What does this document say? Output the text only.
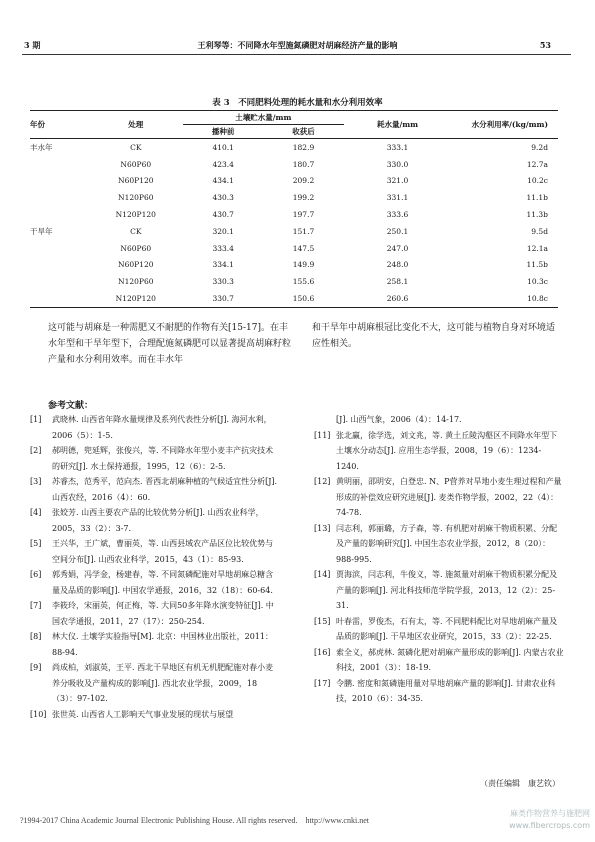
3 期	王利琴等：不同降水年型施氮磷肥对胡麻经济产量的影响	53
表 3　不同肥料处理的耗水量和水分利用效率
年份	处理	土壤贮水量/mm		耗水量/mm	水分利用率/(kg/mm)
		播种前	收获后		
丰水年	CK	410.1	182.9	333.1	9.2d
	N60P60	423.4	180.7	330.0	12.7a
	N60P120	434.1	209.2	321.0	10.2c
	N120P60	430.3	199.2	331.1	11.1b
	N120P120	430.7	197.7	333.6	11.3b
干旱年	CK	320.1	151.7	250.1	9.5d
	N60P60	333.4	147.5	247.0	12.1a
	N60P120	334.1	149.9	248.0	11.5b
	N120P60	330.3	155.6	258.1	10.3c
	N120P120	330.7	150.6	260.6	10.8c
这可能与胡麻是一种需肥又不耐肥的作物有关[15-17]。在丰水年型和干旱年型下，合理配施氮磷肥可以显著提高胡麻籽粒产量和水分利用效率。而在丰水年
和干旱年中胡麻根冠比变化不大，这可能与植物自身对环境适应性相关。
参考文献：
[1]	武晓林. 山西省年降水量规律及系列代表性分析[J]. 海河水利，2006（5）：1-5.
[2]	郝明德，兜延辉，张俊兴，等. 不同降水年型小麦丰产抗灾技术的研究[J]. 水土保持通报，1995，12（6）：2-5.
[3]	苏睿杰，范秀平，范向杰. 晋西北胡麻种植的气候适宜性分析[J]. 山西农经，2016（4）：60.
[4]	张姣芳. 山西主要农产品的比较优势分析[J]. 山西农业科学，2005，33（2）：3-7.
[5]	王兴华，王广斌，曹丽英，等. 山西县域农产品区位比较优势与空间分布[J]. 山西农业科学，2015，43（1）：85-93.
[6]	郭秀娟，冯学金，杨建春，等. 不同氮磷配施对旱地胡麻总糖含量及品质的影响[J]. 中国农学通报，2016，32（18）：60-64.
[7]	李筱玲，宋丽英，何正梅，等. 大同50多年降水演变特征[J]. 中国农学通报，2011，27（17）：250-254.
[8]	林大仪. 土壤学实验指导[M]. 北京：中国林业出版社，2011：88-94.
[9]	尚成柏，刘淑英，王平. 西北干旱地区有机无机肥配施对春小麦养分吸收及产量构成的影响[J]. 西北农业学报，2009，18（3）：97-102.
[10] 张世英. 山西省人工影响天气事业发展的现状与展望
[J]. 山西气象，2006（4）：14-17.
[11] 张北赢，徐学选，刘文兆，等. 黄土丘陵沟壑区不同降水年型下土壤水分动态[J]. 应用生态学报，2008，19（6）：1234-1240.
[12] 黄明丽，邵明安，白登忠. N、P营养对旱地小麦生理过程和产量形成的补偿效应研究进展[J]. 麦类作物学报，2002，22（4）：74-78.
[13] 闫志利，郭丽璐，方子森，等. 有机肥对胡麻干物质积累、分配及产量的影响研究[J]. 中国生态农业学报，2012，8（20）：988-995.
[14] 贾海滨，闫志利，牛俊义，等. 施氮量对胡麻干物质积累分配及产量的影响[J]. 河北科技师范学院学报，2013，12（2）：25-31.
[15] 叶春雷，罗俊杰，石有太，等. 不同肥料配比对旱地胡麻产量及品质的影响[J]. 干旱地区农业研究，2015，33（2）：22-25.
[16] 索全义，郝虎林. 氮磷化肥对胡麻产量形成的影响[J]. 内蒙古农业科技，2001（3）：18-19.
[17] 令鹏. 密度和氮磷施用量对旱地胡麻产量的影响[J]. 甘肃农业科技，2010（6）：34-35.
（责任编辑　康艺钦）
?1994-2017 China Academic Journal Electronic Publishing House. All rights reserved.　http://www.cnki.net
麻类作物营养与施肥网 www.fibercrops.com
